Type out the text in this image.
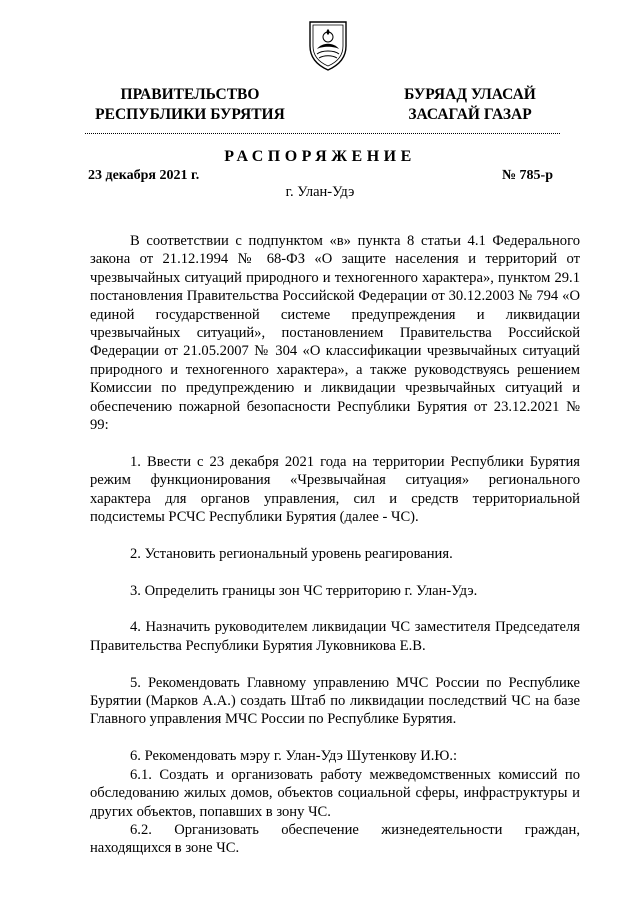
ПРАВИТЕЛЬСТВО
РЕСПУБЛИКИ БУРЯТИЯ
БУРЯАД УЛАСАЙ
ЗАСАГАЙ ГАЗАР
РАСПОРЯЖЕНИЕ
23 декабря 2021 г.	№ 785-р
г. Улан-Удэ

В соответствии с подпунктом «в» пункта 8 статьи 4.1 Федерального закона от 21.12.1994 № 68-ФЗ «О защите населения и территорий от чрезвычайных ситуаций природного и техногенного характера», пунктом 29.1 постановления Правительства Российской Федерации от 30.12.2003 № 794 «О единой государственной системе предупреждения и ликвидации чрезвычайных ситуаций», постановлением Правительства Российской Федерации от 21.05.2007 № 304 «О классификации чрезвычайных ситуаций природного и техногенного характера», а также руководствуясь решением Комиссии по предупреждению и ликвидации чрезвычайных ситуаций и обеспечению пожарной безопасности Республики Бурятия от 23.12.2021 № 99:

1. Ввести с 23 декабря 2021 года на территории Республики Бурятия режим функционирования «Чрезвычайная ситуация» регионального характера для органов управления, сил и средств территориальной подсистемы РСЧС Республики Бурятия (далее - ЧС).

2. Установить региональный уровень реагирования.

3. Определить границы зон ЧС территорию г. Улан-Удэ.

4. Назначить руководителем ликвидации ЧС заместителя Председателя Правительства Республики Бурятия Луковникова Е.В.

5. Рекомендовать Главному управлению МЧС России по Республике Бурятии (Марков А.А.) создать Штаб по ликвидации последствий ЧС на базе Главного управления МЧС России по Республике Бурятия.

6. Рекомендовать мэру г. Улан-Удэ Шутенкову И.Ю.:

6.1. Создать и организовать работу межведомственных комиссий по обследованию жилых домов, объектов социальной сферы, инфраструктуры и других объектов, попавших в зону ЧС.

6.2. Организовать обеспечение жизнедеятельности граждан, находящихся в зоне ЧС.
